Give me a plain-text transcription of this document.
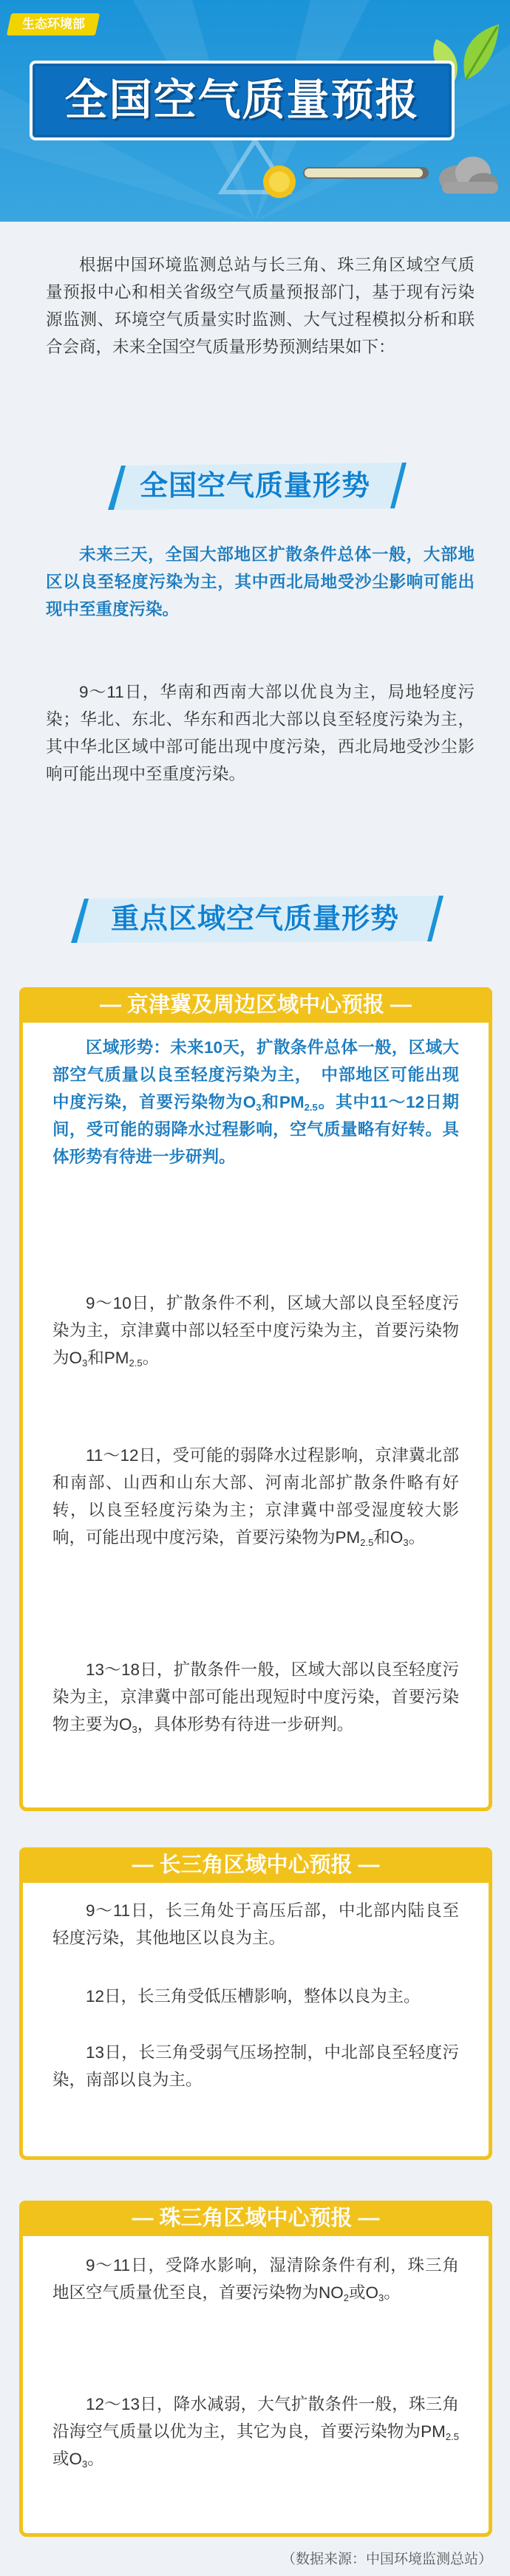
生态环境部
全国空气质量预报

根据中国环境监测总站与长三角、珠三角区域空气质量预报中心和相关省级空气质量预报部门，基于现有污染源监测、环境空气质量实时监测、大气过程模拟分析和联合会商，未来全国空气质量形势预测结果如下：

全国空气质量形势

未来三天，全国大部地区扩散条件总体一般，大部地区以良至轻度污染为主，其中西北局地受沙尘影响可能出现中至重度污染。

9～11日，华南和西南大部以优良为主，局地轻度污染；华北、东北、华东和西北大部以良至轻度污染为主，其中华北区域中部可能出现中度污染，西北局地受沙尘影响可能出现中至重度污染。

重点区域空气质量形势

区域形势：未来10天，扩散条件总体一般，区域大部空气质量以良至轻度污染为主，　中部地区可能出现中度污染，首要污染物为$O_3$和$PM_{2.5}$。其中11～12日期间，受可能的弱降水过程影响，空气质量略有好转。具体形势有待进一步研判。

9～10日，扩散条件不利，区域大部以良至轻度污染为主，京津冀中部以轻至中度污染为主，首要污染物为$O_3$和$PM_{2.5}$。

11～12日，受可能的弱降水过程影响，京津冀北部和南部、山西和山东大部、河南北部扩散条件略有好转，以良至轻度污染为主；京津冀中部受湿度较大影响，可能出现中度污染，首要污染物为$PM_{2.5}$和$O_3$。

13～18日，扩散条件一般，区域大部以良至轻度污染为主，京津冀中部可能出现短时中度污染，首要污染物主要为$O_3$，具体形势有待进一步研判。

— 京津冀及周边区域中心预报 —

9～11日，长三角处于高压后部，中北部内陆良至轻度污染，其他地区以良为主。

12日，长三角受低压槽影响，整体以良为主。

13日，长三角受弱气压场控制，中北部良至轻度污染，南部以良为主。

— 长三角区域中心预报 —

9～11日，受降水影响，湿清除条件有利，珠三角地区空气质量优至良，首要污染物为$NO_2$或$O_3$。

12～13日，降水减弱，大气扩散条件一般，珠三角沿海空气质量以优为主，其它为良，首要污染物为$PM_{2.5}$或$O_3$。

— 珠三角区域中心预报 —
（数据来源：中国环境监测总站）
